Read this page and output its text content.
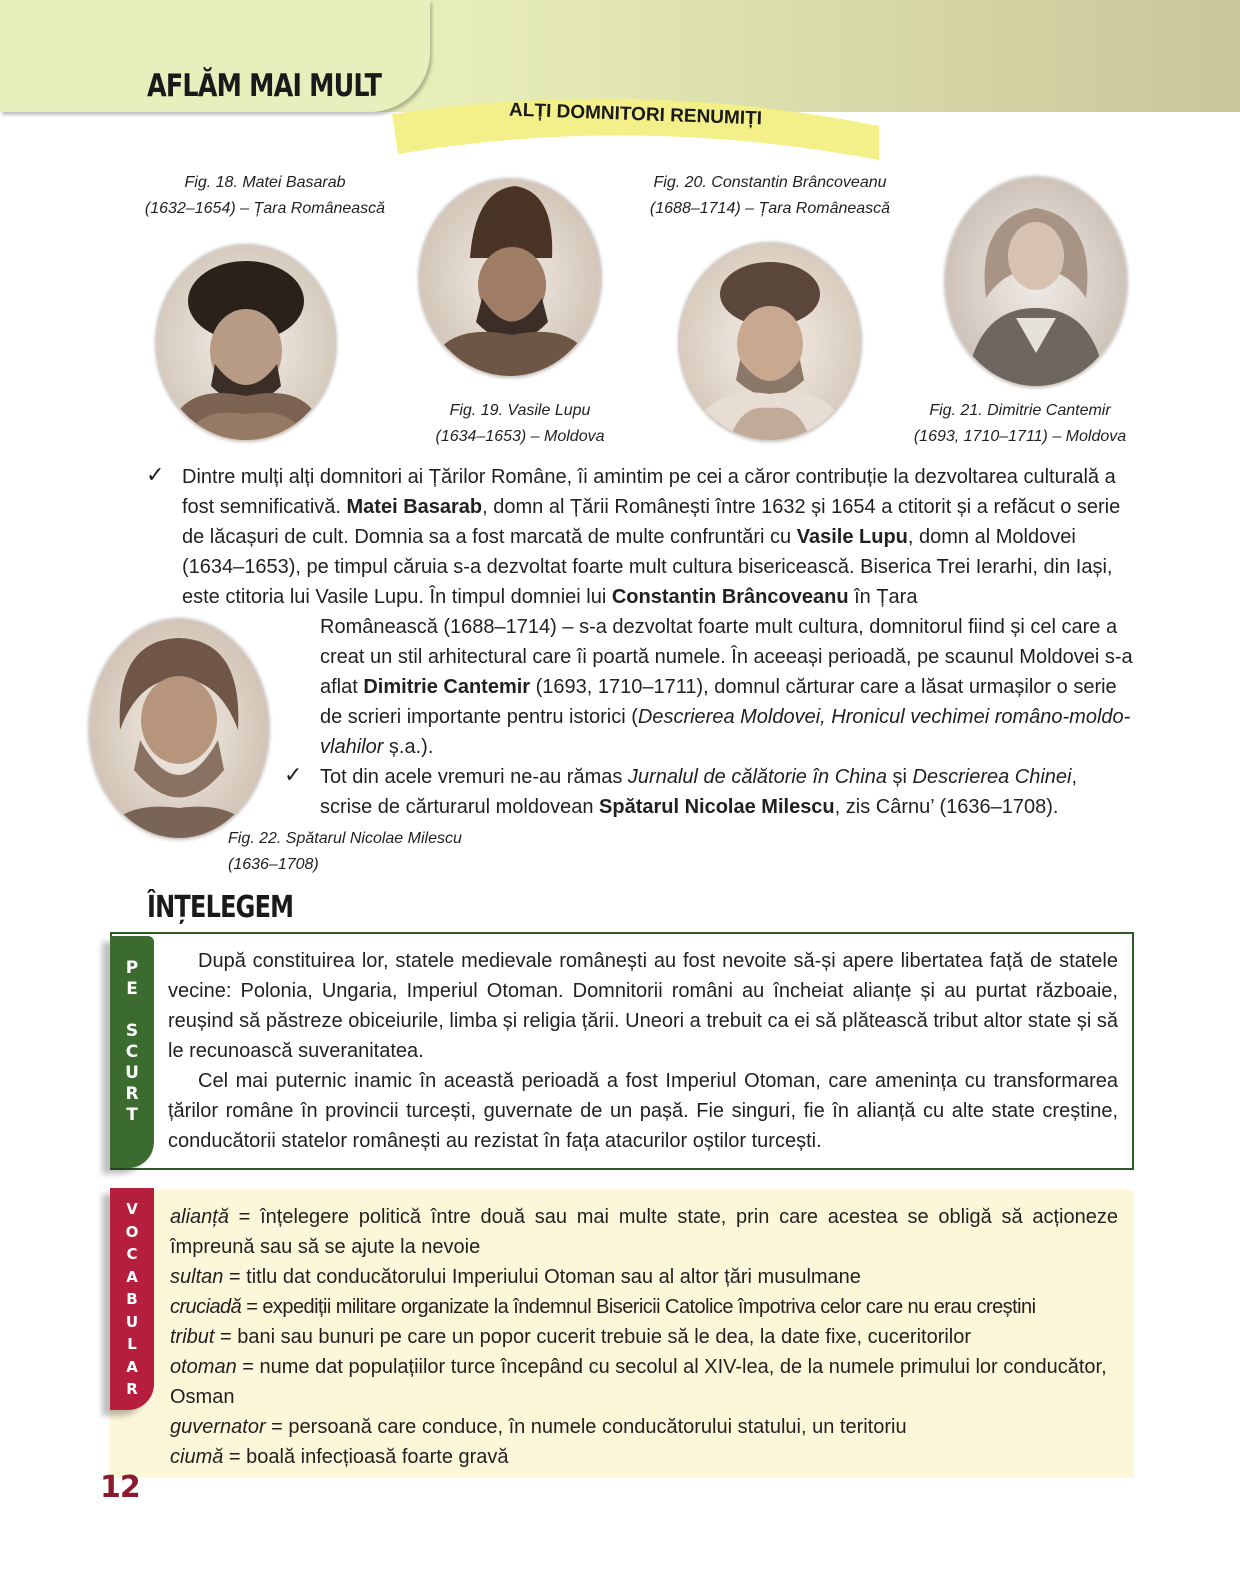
AFLĂM MAI MULT
ALȚI DOMNITORI RENUMIȚI
Fig. 18. Matei Basarab
(1632–1654) – Țara Românească
Fig. 19. Vasile Lupu
(1634–1653) – Moldova
Fig. 20. Constantin Brâncoveanu
(1688–1714) – Țara Românească
Fig. 21. Dimitrie Cantemir
(1693, 1710–1711) – Moldova
✓
✓
Dintre mulți alți domnitori ai Țărilor Române, îi amintim pe cei a căror contribuție la dezvoltarea culturală a fost semnificativă. Matei Basarab, domn al Țării Românești între 1632 și 1654 a ctitorit și a refăcut o serie de lăcașuri de cult. Domnia sa a fost marcată de multe confruntări cu Vasile Lupu, domn al Moldovei (1634–1653), pe timpul căruia s-a dezvoltat foarte mult cultura bisericească. Biserica Trei Ierarhi, din Iași, este ctitoria lui Vasile Lupu. În timpul domniei lui Constantin Brâncoveanu în Țara
Românească (1688–1714) – s-a dezvoltat foarte mult cultura, domnitorul fiind și cel care a creat un stil arhitectural care îi poartă numele. În aceeași perioadă, pe scaunul Moldovei s-a aflat Dimitrie Cantemir (1693, 1710–1711), domnul cărturar care a lăsat urmașilor o serie de scrieri importante pentru istorici (Descrierea Moldovei, Hronicul vechimei româno-moldo-vlahilor ș.a.).
Tot din acele vremuri ne-au rămas Jurnalul de călătorie în China și Descrierea Chinei, scrise de cărturarul moldovean Spătarul Nicolae Milescu, zis Cârnu’ (1636–1708).
Fig. 22. Spătarul Nicolae Milescu
(1636–1708)
ÎNȚELEGEM
P
E

S
C
U
R
T
După constituirea lor, statele medievale românești au fost nevoite să-și apere libertatea față de statele vecine: Polonia, Ungaria, Imperiul Otoman. Domnitorii români au încheiat alianțe și au purtat războaie, reușind să păstreze obiceiurile, limba și religia țării. Uneori a trebuit ca ei să plătească tribut altor state și să le recunoască suveranitatea.
Cel mai puternic inamic în această perioadă a fost Imperiul Otoman, care amenința cu transformarea țărilor române în provincii turcești, guvernate de un pașă. Fie singuri, fie în alianță cu alte state creștine, conducătorii statelor românești au rezistat în fața atacurilor oștilor turcești.
V
O
C
A
B
U
L
A
R
alianță = înțelegere politică între două sau mai multe state, prin care acestea se obligă să acționeze împreună sau să se ajute la nevoie
sultan = titlu dat conducătorului Imperiului Otoman sau al altor țări musulmane
cruciadă = expediții militare organizate la îndemnul Bisericii Catolice împotriva celor care nu erau creștini
tribut = bani sau bunuri pe care un popor cucerit trebuie să le dea, la date fixe, cuceritorilor
otoman = nume dat populațiilor turce începând cu secolul al XIV-lea, de la numele primului lor conducător, Osman
guvernator = persoană care conduce, în numele conducătorului statului, un teritoriu
ciumă = boală infecțioasă foarte gravă
12
